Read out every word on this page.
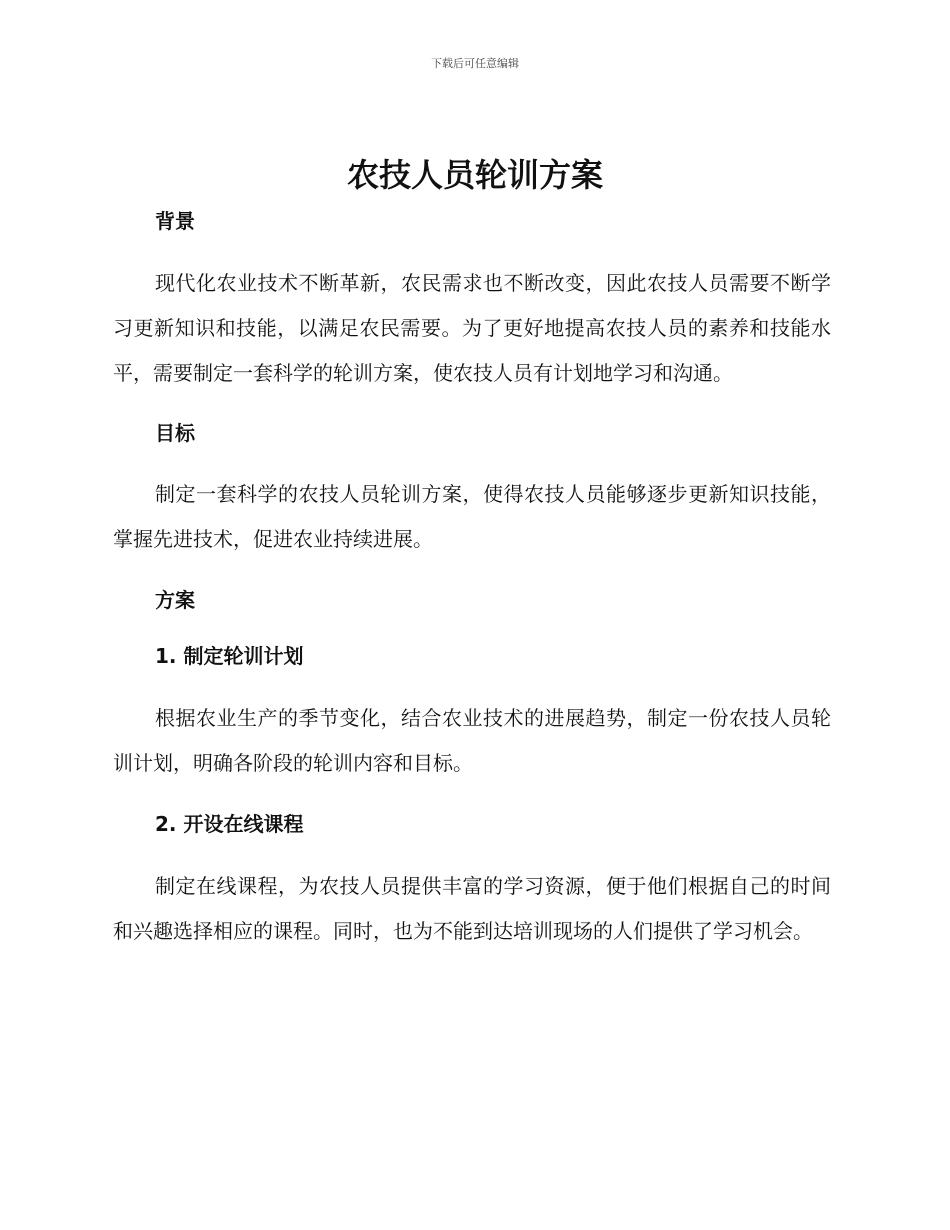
下载后可任意编辑
农技人员轮训方案
背景

现代化农业技术不断革新，农民需求也不断改变，因此农技人员需要不断学习更新知识和技能，以满足农民需要。为了更好地提高农技人员的素养和技能水平，需要制定一套科学的轮训方案，使农技人员有计划地学习和沟通。

目标

制定一套科学的农技人员轮训方案，使得农技人员能够逐步更新知识技能，掌握先进技术，促进农业持续进展。

方案
1. 制定轮训计划

根据农业生产的季节变化，结合农业技术的进展趋势，制定一份农技人员轮训计划，明确各阶段的轮训内容和目标。

2. 开设在线课程

制定在线课程，为农技人员提供丰富的学习资源，便于他们根据自己的时间和兴趣选择相应的课程。同时，也为不能到达培训现场的人们提供了学习机会。
